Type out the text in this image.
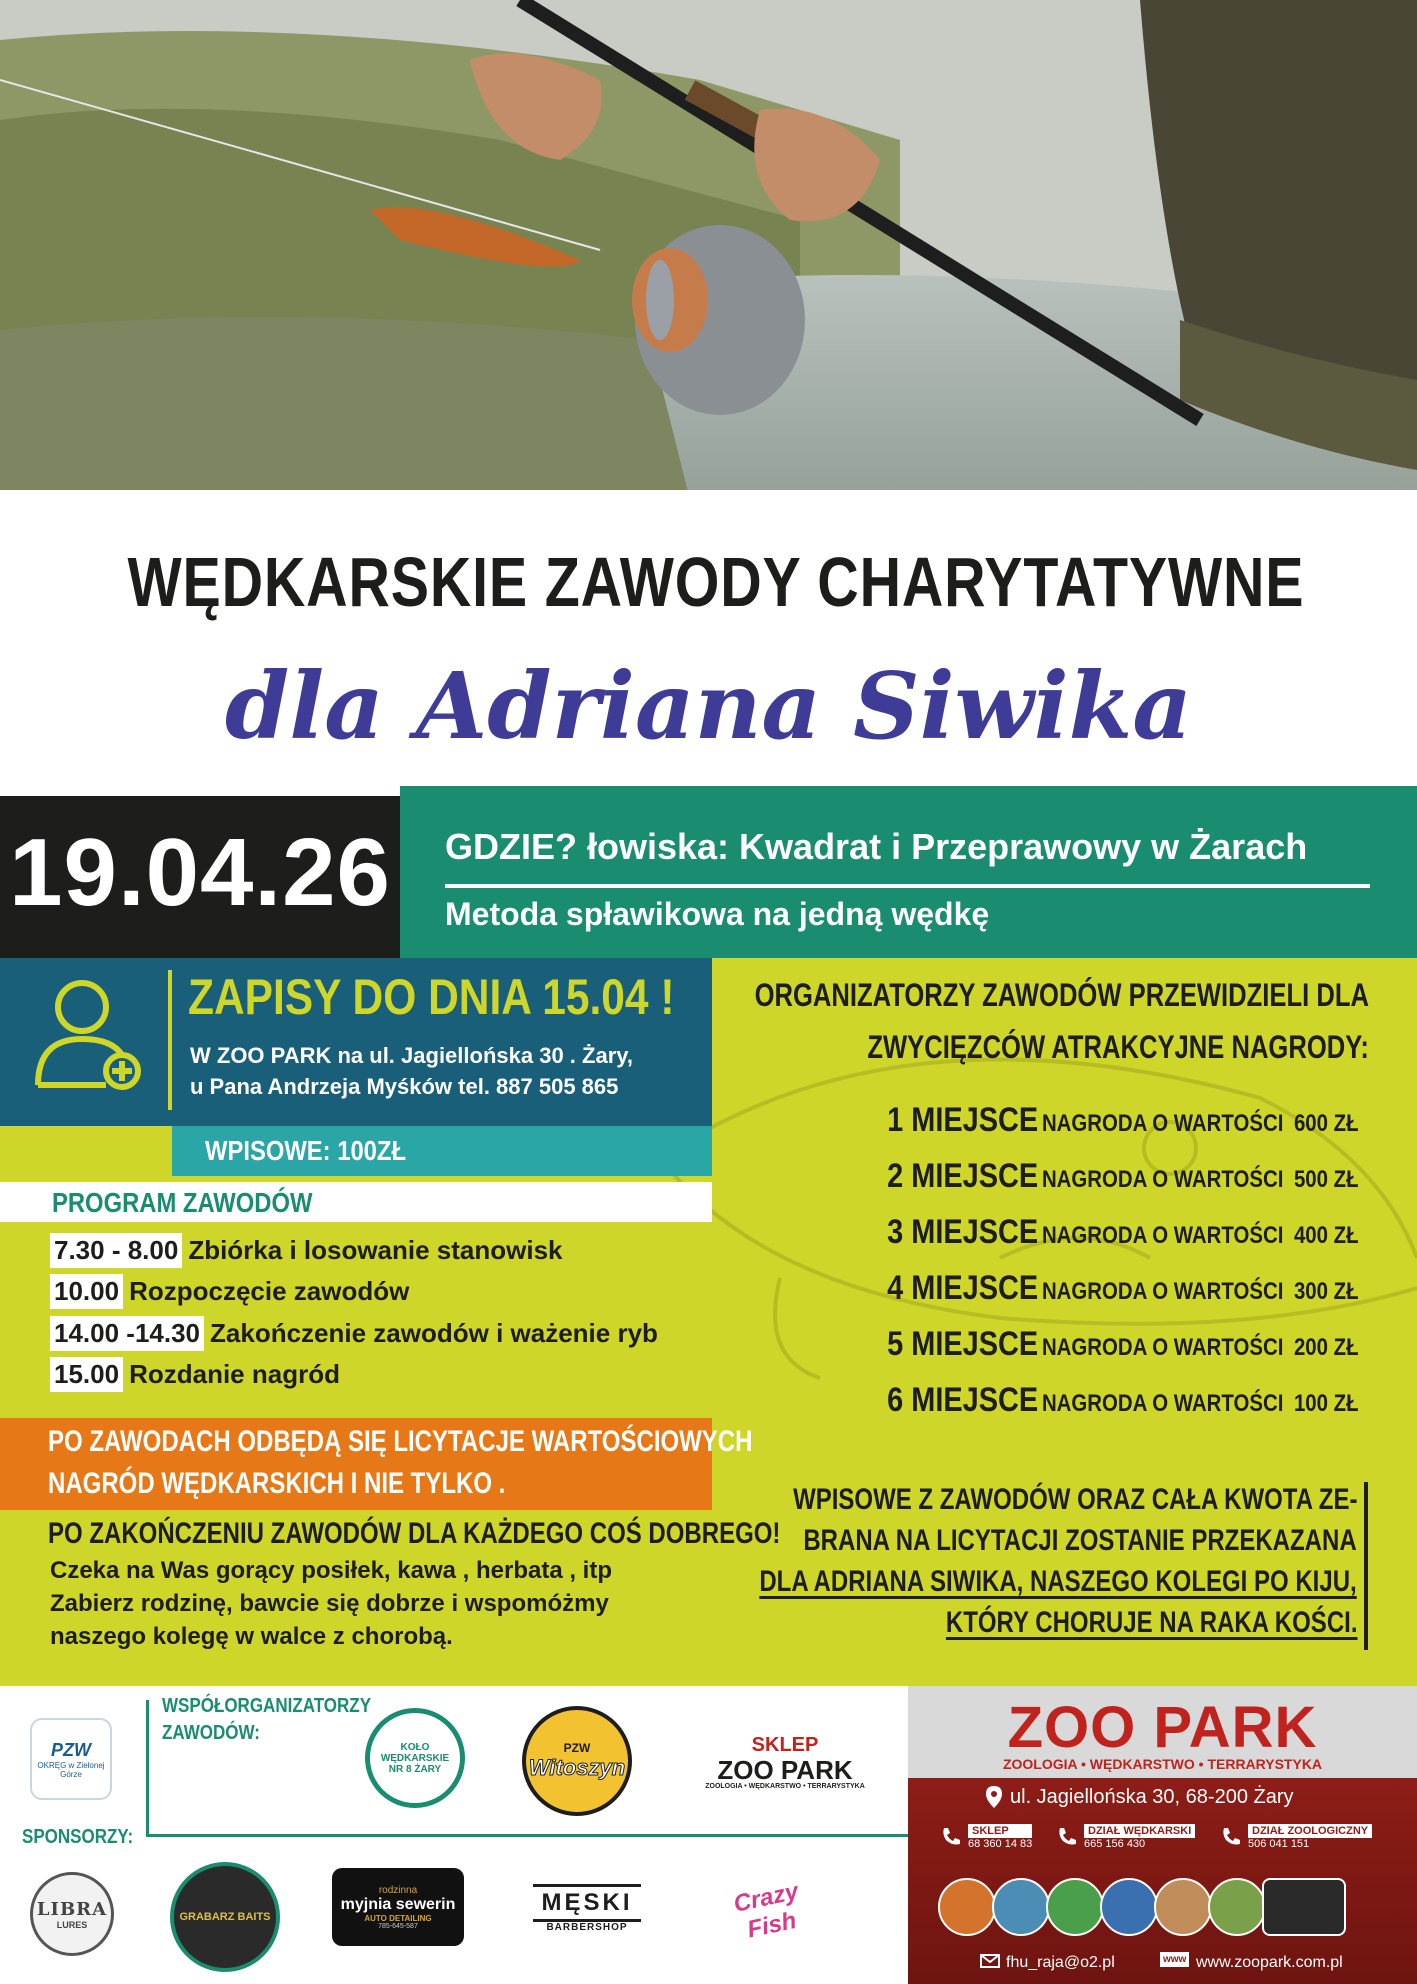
WĘDKARSKIE ZAWODY CHARYTATYWNE
dla Adriana Siwika
19.04.26 GDZIE? łowiska: Kwadrat i Przeprawowy w Żarach
Metoda spławikowa na jedną wędkę
ZAPISY DO DNIA 15.04 !
W ZOO PARK na ul. Jagiellońska 30 . Żary,
u Pana Andrzeja Myśków tel. 887 505 865
WPISOWE: 100ZŁ
PROGRAM ZAWODÓW
7.30 - 8.00 Zbiórka i losowanie stanowisk
10.00 Rozpoczęcie zawodów
14.00 -14.30 Zakończenie zawodów i ważenie ryb
15.00 Rozdanie nagród
PO ZAWODACH ODBĘDĄ SIĘ LICYTACJE WARTOŚCIOWYCH
NAGRÓD WĘDKARSKICH I NIE TYLKO .
PO ZAKOŃCZENIU ZAWODÓW DLA KAŻDEGO COŚ DOBREGO!
Czeka na Was gorący posiłek, kawa , herbata , itp
Zabierz rodzinę, bawcie się dobrze i wspomóżmy
naszego kolegę w walce z chorobą.
ORGANIZATORZY ZAWODÓW PRZEWIDZIELI DLA
ZWYCIĘZCÓW ATRAKCYJNE NAGRODY:
1 MIEJSCE NAGRODA O WARTOŚCI 600 ZŁ
2 MIEJSCE NAGRODA O WARTOŚCI 500 ZŁ
3 MIEJSCE NAGRODA O WARTOŚCI 400 ZŁ
4 MIEJSCE NAGRODA O WARTOŚCI 300 ZŁ
5 MIEJSCE NAGRODA O WARTOŚCI 200 ZŁ
6 MIEJSCE NAGRODA O WARTOŚCI 100 ZŁ
WPISOWE Z ZAWODÓW ORAZ CAŁA KWOTA ZE-
BRANA NA LICYTACJI ZOSTANIE PRZEKAZANA
DLA ADRIANA SIWIKA, NASZEGO KOLEGI PO KIJU,
KTÓRY CHORUJE NA RAKA KOŚCI.
WSPÓŁORGANIZATORZY
ZAWODÓW:
SPONSORZY:
PZW
OKRĘG w Zielonej Górze
KOŁO WĘDKARSKIE NR 8 ŻARY
PZW
Witoszyn
SKLEP
ZOO PARK
ZOOLOGIA • WĘDKARSTWO • TERRARYSTYKA
LIBRA
LURES
GRABARZ BAITS
rodzinna
myjnia sewerin
AUTO DETAILING
785-645-587
MĘSKI
BARBERSHOP
Crazy Fish
ZOO PARK
ZOOLOGIA • WĘDKARSTWO • TERRARYSTYKA
ul. Jagiellońska 30, 68-200 Żary
SKLEP
68 360 14 83
DZIAŁ WĘDKARSKI
665 156 430
DZIAŁ ZOOLOGICZNY
506 041 151
fhu_raja@o2.pl	www www.zoopark.com.pl
